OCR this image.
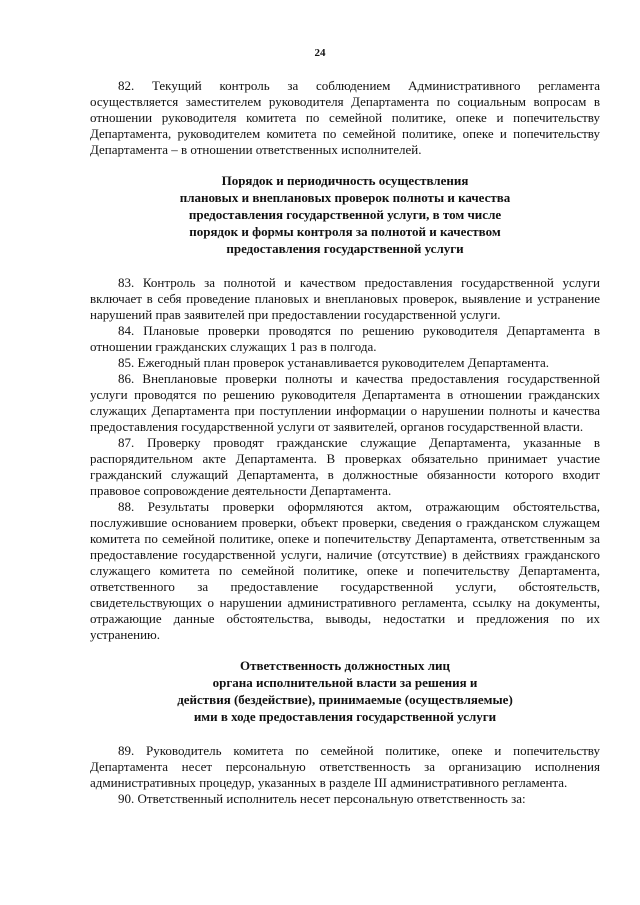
24

82. Текущий контроль за соблюдением Административного регламента осуществляется заместителем руководителя Департамента по социальным вопросам в отношении руководителя комитета по семейной политике, опеке и попечительству Департамента, руководителем комитета по семейной политике, опеке и попечительству Департамента – в отношении ответственных исполнителей.

Порядок и периодичность осуществления
плановых и внеплановых проверок полноты и качества
предоставления государственной услуги, в том числе
порядок и формы контроля за полнотой и качеством
предоставления государственной услуги

83. Контроль за полнотой и качеством предоставления государственной услуги включает в себя проведение плановых и внеплановых проверок, выявление и устранение нарушений прав заявителей при предоставлении государственной услуги.

84. Плановые проверки проводятся по решению руководителя Департамента в отношении гражданских служащих 1 раз в полгода.

85. Ежегодный план проверок устанавливается руководителем Департамента.

86. Внеплановые проверки полноты и качества предоставления государственной услуги проводятся по решению руководителя Департамента в отношении гражданских служащих Департамента при поступлении информации о нарушении полноты и качества предоставления государственной услуги от заявителей, органов государственной власти.

87. Проверку проводят гражданские служащие Департамента, указанные в распорядительном акте Департамента. В проверках обязательно принимает участие гражданский служащий Департамента, в должностные обязанности которого входит правовое сопровождение деятельности Департамента.

88. Результаты проверки оформляются актом, отражающим обстоятельства, послужившие основанием проверки, объект проверки, сведения о гражданском служащем комитета по семейной политике, опеке и попечительству Департамента, ответственным за предоставление государственной услуги, наличие (отсутствие) в действиях гражданского служащего комитета по семейной политике, опеке и попечительству Департамента, ответственного за предоставление государственной услуги, обстоятельств, свидетельствующих о нарушении административного регламента, ссылку на документы, отражающие данные обстоятельства, выводы, недостатки и предложения по их устранению.

Ответственность должностных лиц
органа исполнительной власти за решения и
действия (бездействие), принимаемые (осуществляемые)
ими в ходе предоставления государственной услуги

89. Руководитель комитета по семейной политике, опеке и попечительству Департамента несет персональную ответственность за организацию исполнения административных процедур, указанных в разделе III административного регламента.

90. Ответственный исполнитель несет персональную ответственность за:
